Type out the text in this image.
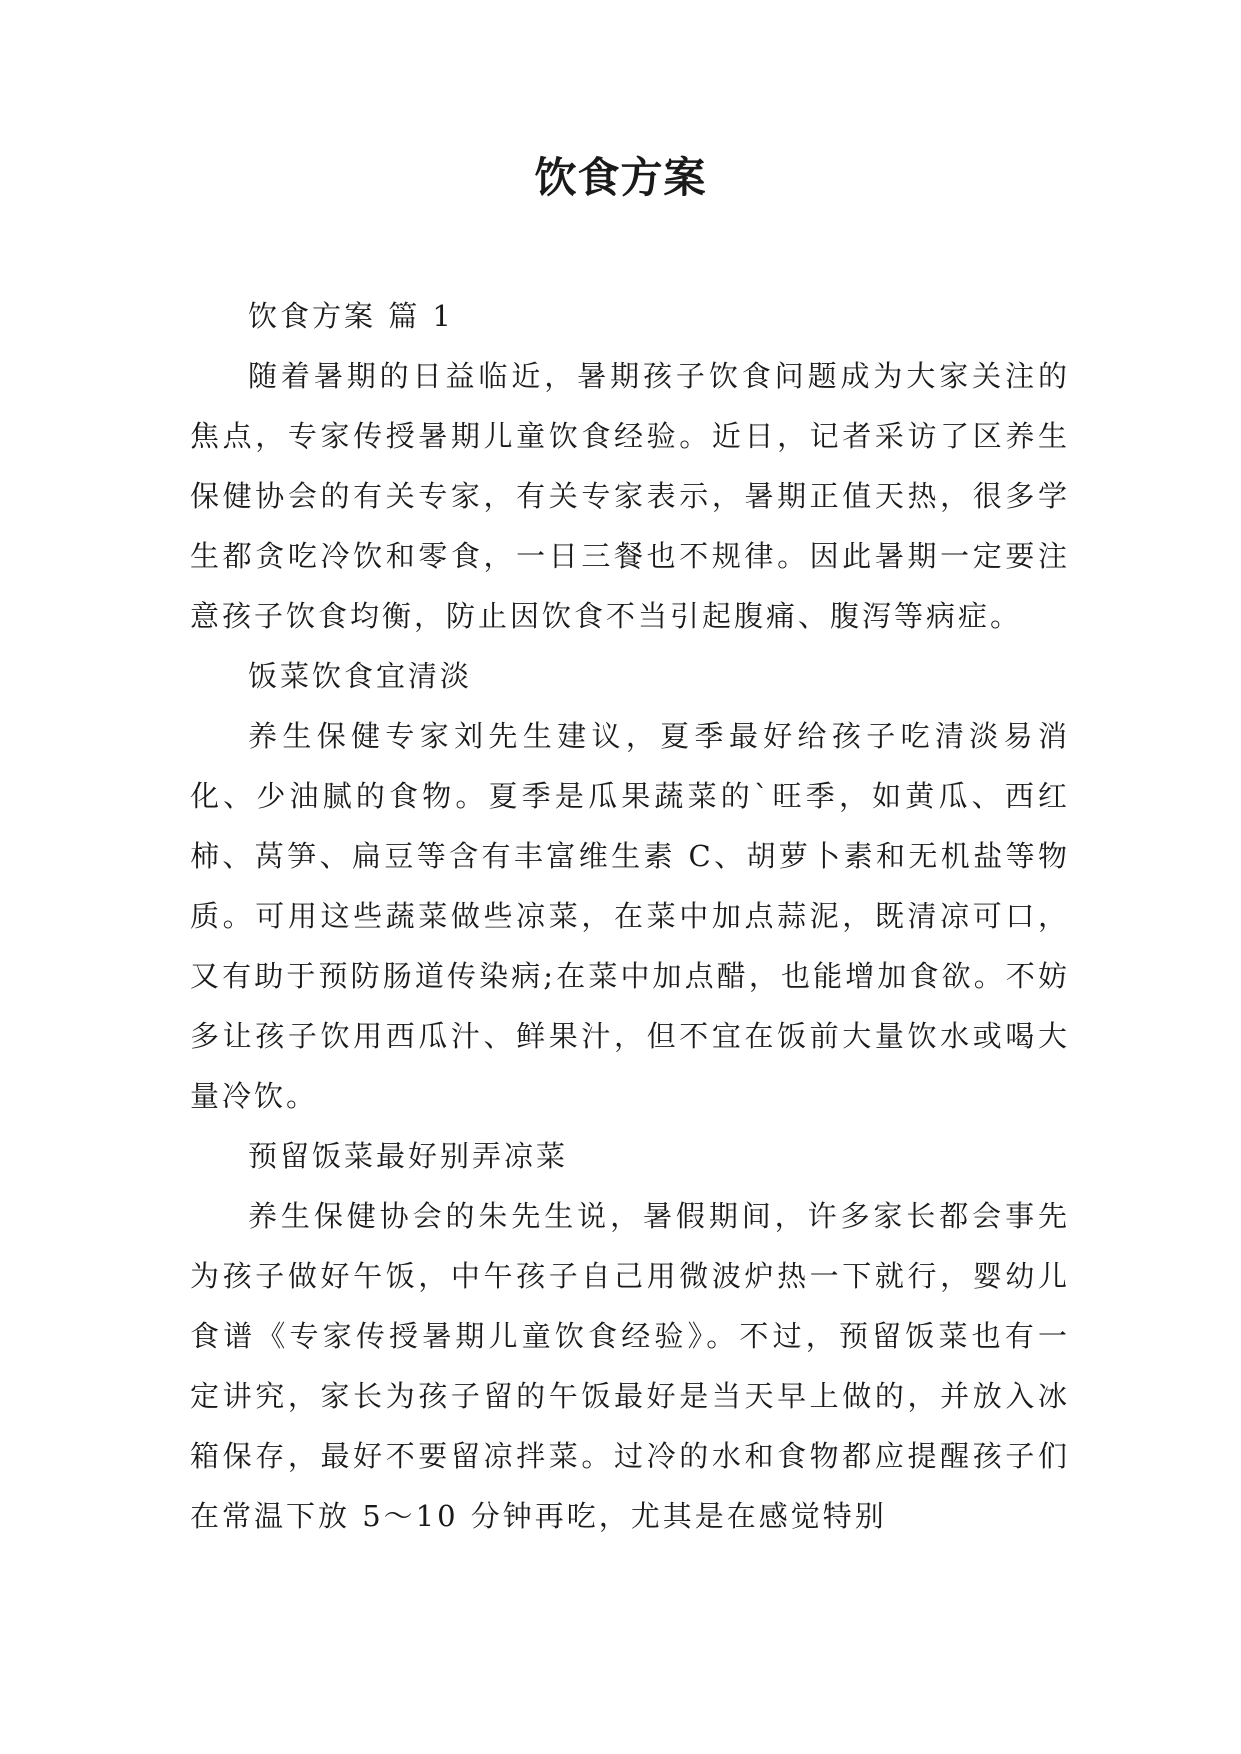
饮食方案

饮食方案 篇 1

随着暑期的日益临近，暑期孩子饮食问题成为大家关注的焦点，专家传授暑期儿童饮食经验。近日，记者采访了区养生保健协会的有关专家，有关专家表示，暑期正值天热，很多学生都贪吃冷饮和零食，一日三餐也不规律。因此暑期一定要注意孩子饮食均衡，防止因饮食不当引起腹痛、腹泻等病症。

饭菜饮食宜清淡

养生保健专家刘先生建议，夏季最好给孩子吃清淡易消化、少油腻的食物。夏季是瓜果蔬菜的`旺季，如黄瓜、西红柿、莴笋、扁豆等含有丰富维生素 C、胡萝卜素和无机盐等物质。可用这些蔬菜做些凉菜，在菜中加点蒜泥，既清凉可口，又有助于预防肠道传染病;在菜中加点醋，也能增加食欲。不妨多让孩子饮用西瓜汁、鲜果汁，但不宜在饭前大量饮水或喝大量冷饮。

预留饭菜最好别弄凉菜

养生保健协会的朱先生说，暑假期间，许多家长都会事先为孩子做好午饭，中午孩子自己用微波炉热一下就行，婴幼儿食谱《专家传授暑期儿童饮食经验》。不过，预留饭菜也有一定讲究，家长为孩子留的午饭最好是当天早上做的，并放入冰箱保存，最好不要留凉拌菜。过冷的水和食物都应提醒孩子们在常温下放 5～10 分钟再吃，尤其是在感觉特别
